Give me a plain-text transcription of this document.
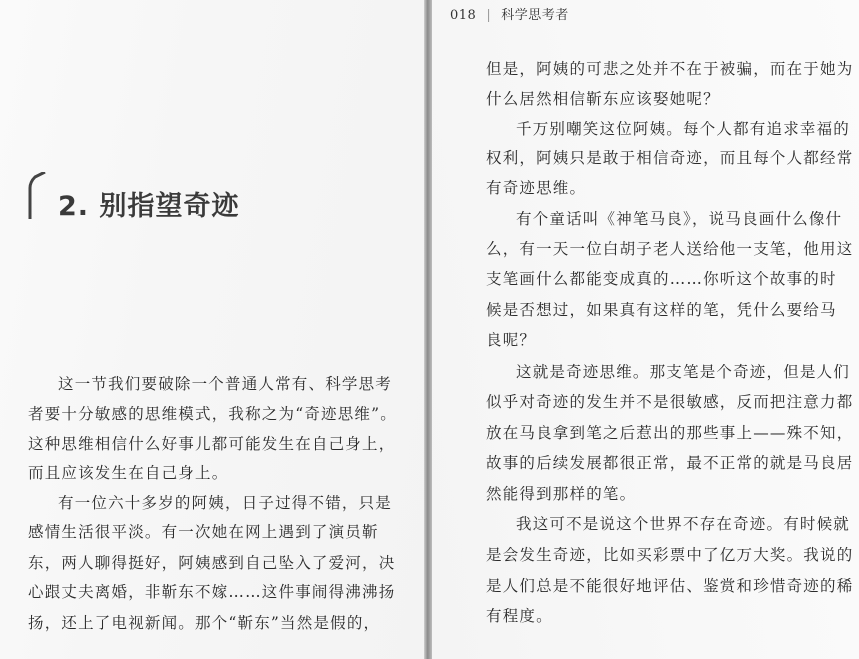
2. 别指望奇迹
这一节我们要破除一个普通人常有、科学思考
者要十分敏感的思维模式，我称之为“奇迹思维”。
这种思维相信什么好事儿都可能发生在自己身上，
而且应该发生在自己身上。
有一位六十多岁的阿姨，日子过得不错，只是
感情生活很平淡。有一次她在网上遇到了演员靳
东，两人聊得挺好，阿姨感到自己坠入了爱河，决
心跟丈夫离婚，非靳东不嫁……这件事闹得沸沸扬
扬，还上了电视新闻。那个“靳东”当然是假的，
018 | 科学思考者
但是，阿姨的可悲之处并不在于被骗，而在于她为
什么居然相信靳东应该娶她呢？
千万别嘲笑这位阿姨。每个人都有追求幸福的
权利，阿姨只是敢于相信奇迹，而且每个人都经常
有奇迹思维。
有个童话叫《神笔马良》，说马良画什么像什
么，有一天一位白胡子老人送给他一支笔，他用这
支笔画什么都能变成真的……你听这个故事的时
候是否想过，如果真有这样的笔，凭什么要给马
良呢？
这就是奇迹思维。那支笔是个奇迹，但是人们
似乎对奇迹的发生并不是很敏感，反而把注意力都
放在马良拿到笔之后惹出的那些事上——殊不知，
故事的后续发展都很正常，最不正常的就是马良居
然能得到那样的笔。
我这可不是说这个世界不存在奇迹。有时候就
是会发生奇迹，比如买彩票中了亿万大奖。我说的
是人们总是不能很好地评估、鉴赏和珍惜奇迹的稀
有程度。
